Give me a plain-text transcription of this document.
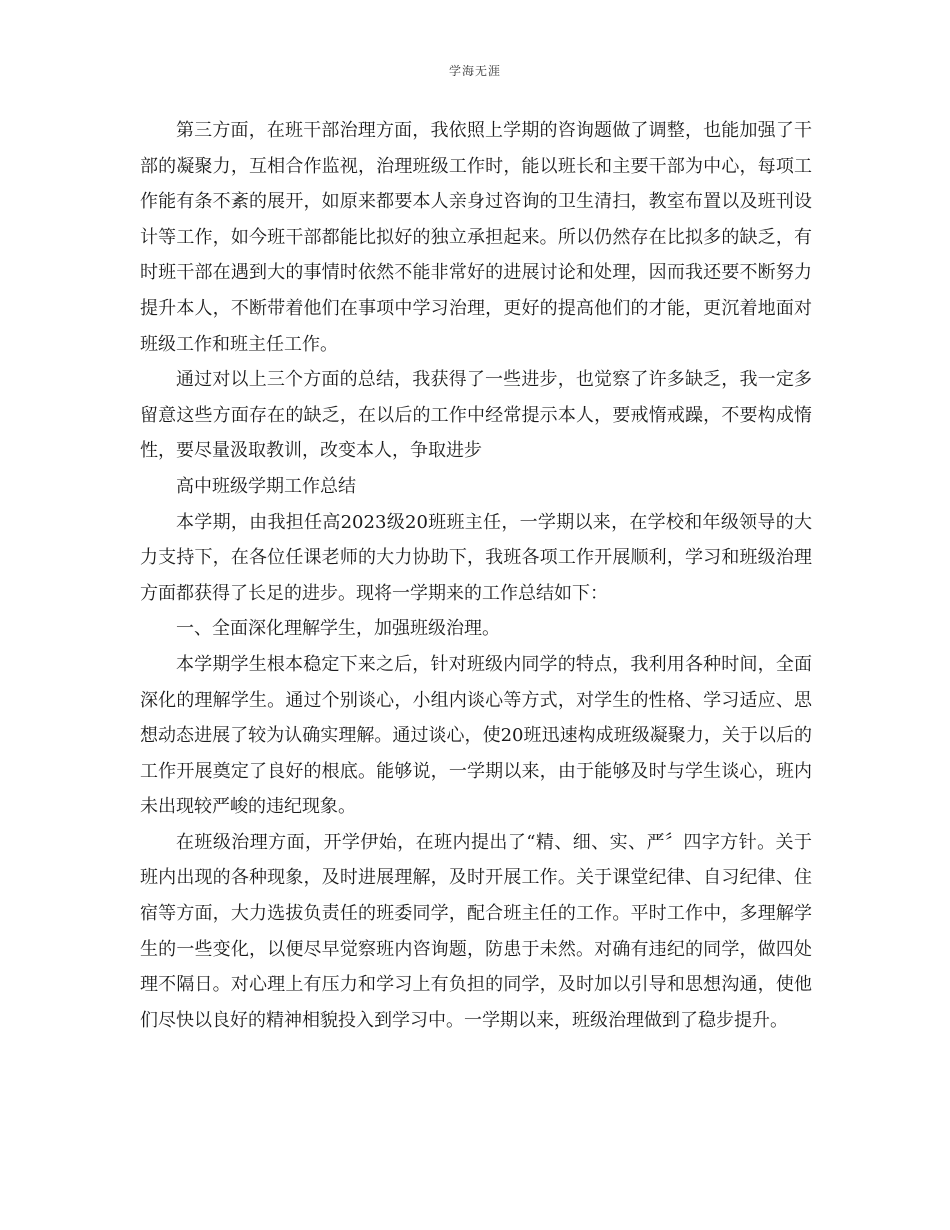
学海无涯

第三方面，在班干部治理方面，我依照上学期的咨询题做了调整，也能加强了干部的凝聚力，互相合作监视，治理班级工作时，能以班长和主要干部为中心，每项工作能有条不紊的展开，如原来都要本人亲身过咨询的卫生清扫，教室布置以及班刊设计等工作，如今班干部都能比拟好的独立承担起来。所以仍然存在比拟多的缺乏，有时班干部在遇到大的事情时依然不能非常好的进展讨论和处理，因而我还要不断努力提升本人，不断带着他们在事项中学习治理，更好的提高他们的才能，更沉着地面对班级工作和班主任工作。

通过对以上三个方面的总结，我获得了一些进步，也觉察了许多缺乏，我一定多留意这些方面存在的缺乏，在以后的工作中经常提示本人，要戒惰戒躁，不要构成惰性，要尽量汲取教训，改变本人，争取进步

高中班级学期工作总结

本学期，由我担任高2023级20班班主任，一学期以来，在学校和年级领导的大力支持下，在各位任课老师的大力协助下，我班各项工作开展顺利，学习和班级治理方面都获得了长足的进步。现将一学期来的工作总结如下：

一、全面深化理解学生，加强班级治理。

本学期学生根本稳定下来之后，针对班级内同学的特点，我利用各种时间，全面深化的理解学生。通过个别谈心，小组内谈心等方式，对学生的性格、学习适应、思想动态进展了较为认确实理解。通过谈心，使20班迅速构成班级凝聚力，关于以后的工作开展奠定了良好的根底。能够说，一学期以来，由于能够及时与学生谈心，班内未出现较严峻的违纪现象。

在班级治理方面，开学伊始，在班内提出了“精、细、实、严〞四字方针。关于班内出现的各种现象，及时进展理解，及时开展工作。关于课堂纪律、自习纪律、住宿等方面，大力选拔负责任的班委同学，配合班主任的工作。平时工作中，多理解学生的一些变化，以便尽早觉察班内咨询题，防患于未然。对确有违纪的同学，做四处理不隔日。对心理上有压力和学习上有负担的同学，及时加以引导和思想沟通，使他们尽快以良好的精神相貌投入到学习中。一学期以来，班级治理做到了稳步提升。
